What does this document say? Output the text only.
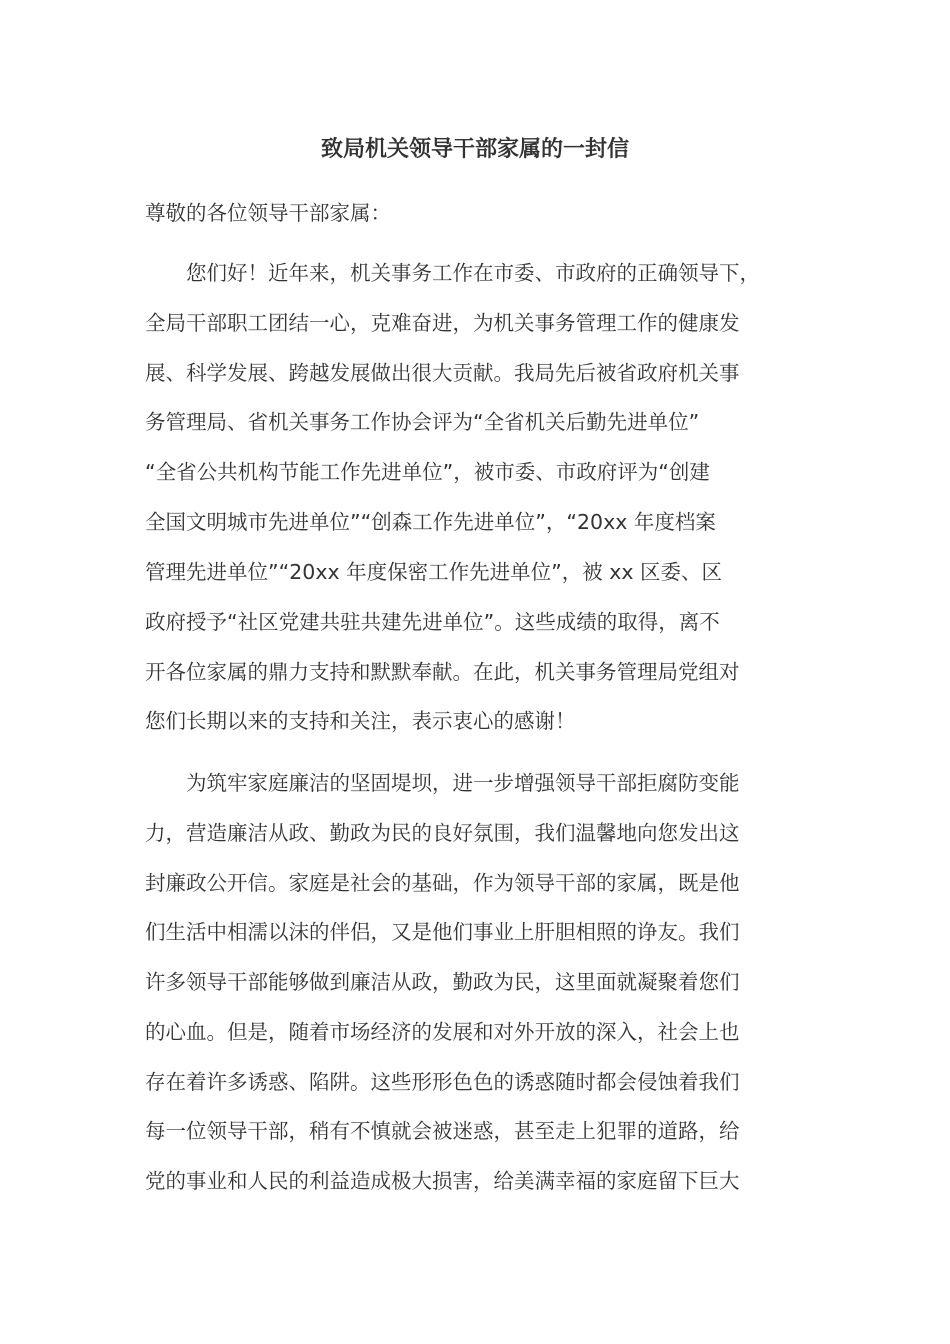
致局机关领导干部家属的一封信

尊敬的各位领导干部家属：

　　您们好！近年来，机关事务工作在市委、市政府的正确领导下，

全局干部职工团结一心，克难奋进，为机关事务管理工作的健康发

展、科学发展、跨越发展做出很大贡献。我局先后被省政府机关事

务管理局、省机关事务工作协会评为“全省机关后勤先进单位”

“全省公共机构节能工作先进单位”，被市委、市政府评为“创建

全国文明城市先进单位”“创森工作先进单位”，“20xx 年度档案

管理先进单位”“20xx 年度保密工作先进单位”，被 xx 区委、区

政府授予“社区党建共驻共建先进单位”。这些成绩的取得，离不

开各位家属的鼎力支持和默默奉献。在此，机关事务管理局党组对

您们长期以来的支持和关注，表示衷心的感谢！

　　为筑牢家庭廉洁的坚固堤坝，进一步增强领导干部拒腐防变能

力，营造廉洁从政、勤政为民的良好氛围，我们温馨地向您发出这

封廉政公开信。家庭是社会的基础，作为领导干部的家属，既是他

们生活中相濡以沫的伴侣，又是他们事业上肝胆相照的诤友。我们

许多领导干部能够做到廉洁从政，勤政为民，这里面就凝聚着您们

的心血。但是，随着市场经济的发展和对外开放的深入，社会上也

存在着许多诱惑、陷阱。这些形形色色的诱惑随时都会侵蚀着我们

每一位领导干部，稍有不慎就会被迷惑，甚至走上犯罪的道路，给

党的事业和人民的利益造成极大损害，给美满幸福的家庭留下巨大
